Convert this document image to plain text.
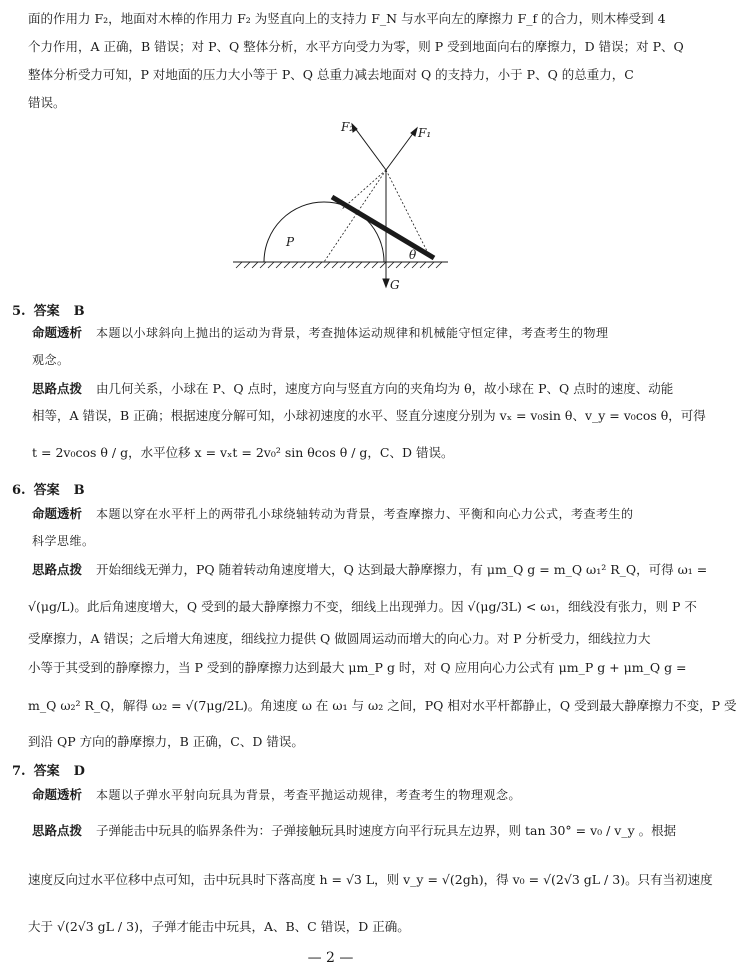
面的作用力 F₂，地面对木棒的作用力 F₂ 为竖直向上的支持力 F_N 与水平向左的摩擦力 F_f 的合力，则木棒受到 4
个力作用，A 正确，B 错误；对 P、Q 整体分析，水平方向受力为零，则 P 受到地面向右的摩擦力，D 错误；对 P、Q
整体分析受力可知，P 对地面的压力大小等于 P、Q 总重力减去地面对 Q 的支持力，小于 P、Q 的总重力，C
错误。
F₂	F₁
P
θ
G
5. 答案 B
命题透析 本题以小球斜向上抛出的运动为背景，考查抛体运动规律和机械能守恒定律，考查考生的物理
观念。
思路点拨 由几何关系，小球在 P、Q 点时，速度方向与竖直方向的夹角均为 θ，故小球在 P、Q 点时的速度、动能
相等，A 错误，B 正确；根据速度分解可知，小球初速度的水平、竖直分速度分别为 vₓ = v₀sin θ、v_y = v₀cos θ，可得
t = 2v₀cos θ / g，水平位移 x = vₓt = 2v₀² sin θcos θ / g，C、D 错误。
6. 答案 B
命题透析 本题以穿在水平杆上的两带孔小球绕轴转动为背景，考查摩擦力、平衡和向心力公式，考查考生的
科学思维。
思路点拨 开始细线无弹力，PQ 随着转动角速度增大，Q 达到最大静摩擦力，有 μm_Q g = m_Q ω₁² R_Q，可得 ω₁ =
√(μg/L)。此后角速度增大，Q 受到的最大静摩擦力不变，细线上出现弹力。因 √(μg/3L) < ω₁，细线没有张力，则 P 不
受摩擦力，A 错误；之后增大角速度，细线拉力提供 Q 做圆周运动而增大的向心力。对 P 分析受力，细线拉力大
小等于其受到的静摩擦力，当 P 受到的静摩擦力达到最大 μm_P g 时，对 Q 应用向心力公式有 μm_P g + μm_Q g =
m_Q ω₂² R_Q，解得 ω₂ = √(7μg/2L)。角速度 ω 在 ω₁ 与 ω₂ 之间，PQ 相对水平杆都静止，Q 受到最大静摩擦力不变，P 受
到沿 QP 方向的静摩擦力，B 正确，C、D 错误。
7. 答案 D
命题透析 本题以子弹水平射向玩具为背景，考查平抛运动规律，考查考生的物理观念。
思路点拨 子弹能击中玩具的临界条件为：子弹接触玩具时速度方向平行玩具左边界，则 tan 30° = v₀ / v_y 。根据
速度反向过水平位移中点可知，击中玩具时下落高度 h = √3 L，则 v_y = √(2gh)，得 v₀ = √(2√3 gL / 3)。只有当初速度
大于 √(2√3 gL / 3)，子弹才能击中玩具，A、B、C 错误，D 正确。
— 2 —
